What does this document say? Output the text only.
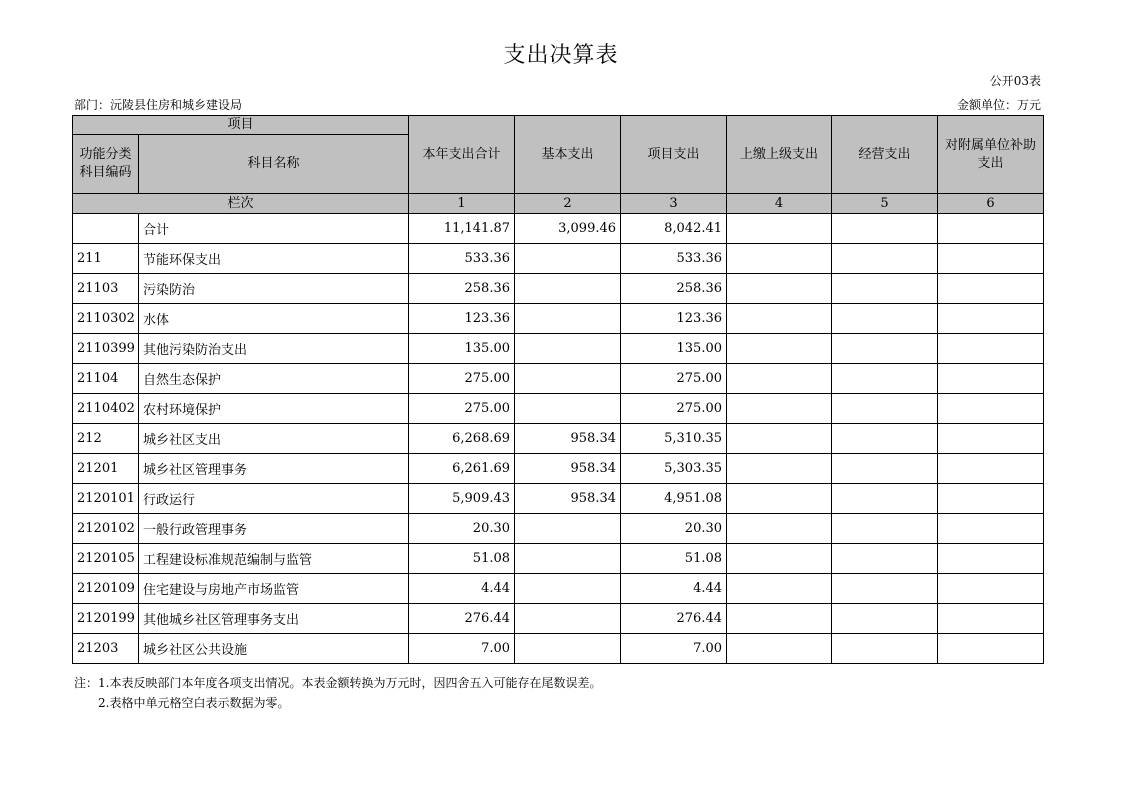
支出决算表
公开03表
部门：沅陵县住房和城乡建设局	金额单位：万元
项目		本年支出合计	基本支出	项目支出	上缴上级支出	经营支出	对附属单位补助支出
功能分类科目编码	科目名称						
栏次		1	2	3	4	5	6
	合计	11,141.87	3,099.46	8,042.41			
211	节能环保支出	533.36		533.36			
21103	污染防治	258.36		258.36			
2110302	水体	123.36		123.36			
2110399	其他污染防治支出	135.00		135.00			
21104	自然生态保护	275.00		275.00			
2110402	农村环境保护	275.00		275.00			
212	城乡社区支出	6,268.69	958.34	5,310.35			
21201	城乡社区管理事务	6,261.69	958.34	5,303.35			
2120101	行政运行	5,909.43	958.34	4,951.08			
2120102	一般行政管理事务	20.30		20.30			
2120105	工程建设标准规范编制与监管	51.08		51.08			
2120109	住宅建设与房地产市场监管	4.44		4.44			
2120199	其他城乡社区管理事务支出	276.44		276.44			
21203	城乡社区公共设施	7.00		7.00			
注：1.本表反映部门本年度各项支出情况。本表金额转换为万元时，因四舍五入可能存在尾数误差。
2.表格中单元格空白表示数据为零。
